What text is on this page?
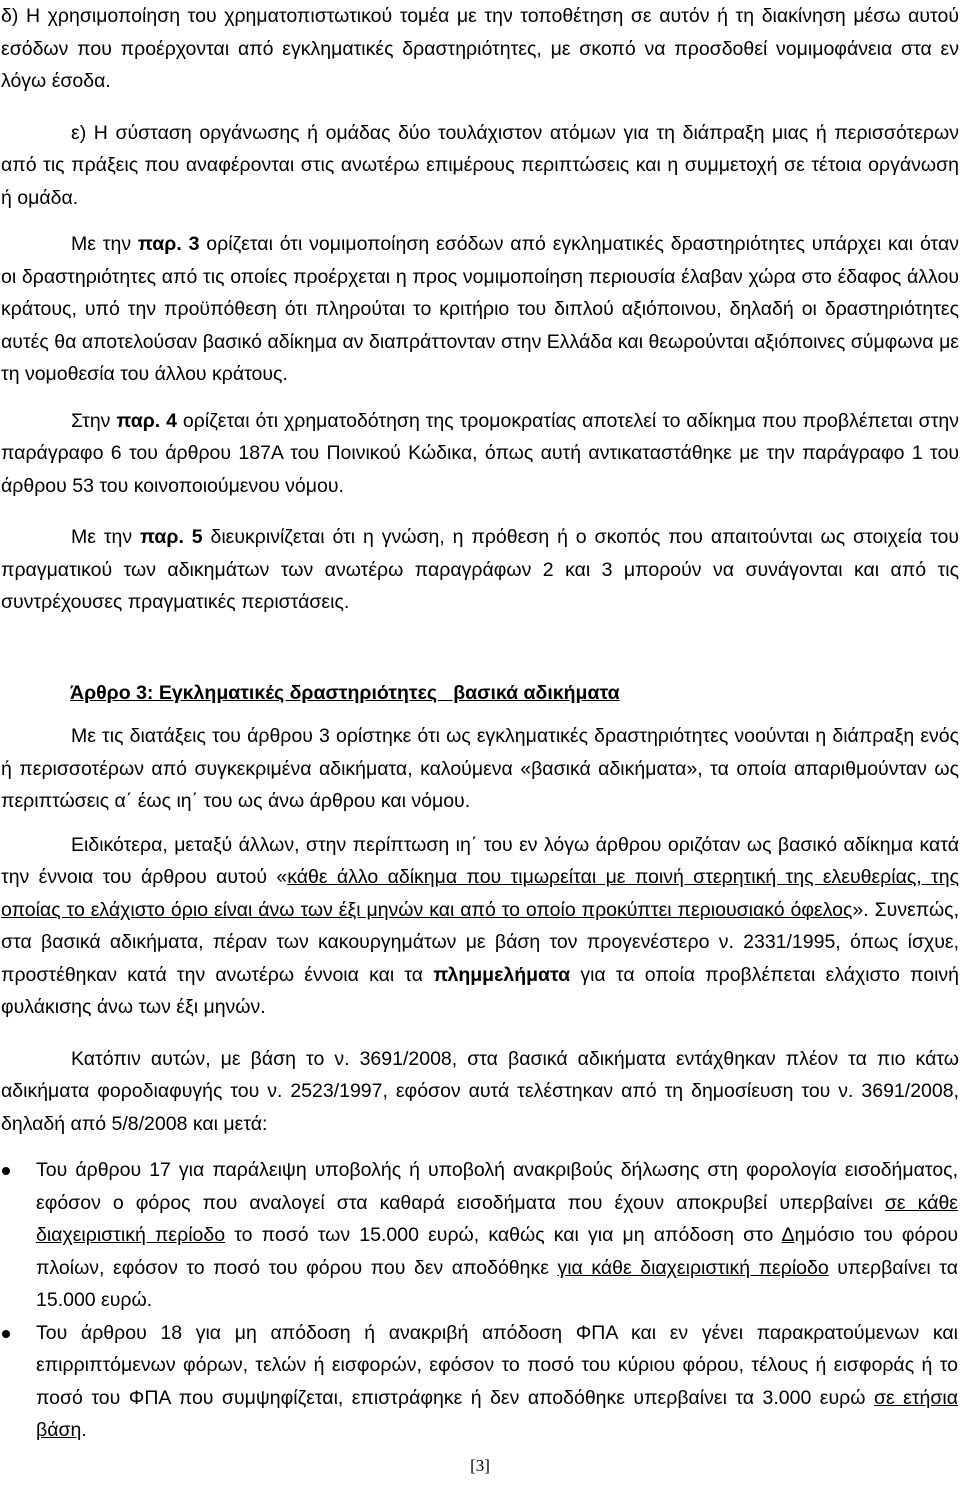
δ) Η χρησιμοποίηση του χρηματοπιστωτικού τομέα με την τοποθέτηση σε αυτόν ή τη διακίνηση μέσω αυτού εσόδων που προέρχονται από εγκληματικές δραστηριότητες, με σκοπό να προσδοθεί νομιμοφάνεια στα εν λόγω έσοδα.

ε) Η σύσταση οργάνωσης ή ομάδας δύο τουλάχιστον ατόμων για τη διάπραξη μιας ή περισσότερων από τις πράξεις που αναφέρονται στις ανωτέρω επιμέρους περιπτώσεις και η συμμετοχή σε τέτοια οργάνωση ή ομάδα.

Με την παρ. 3 ορίζεται ότι νομιμοποίηση εσόδων από εγκληματικές δραστηριότητες υπάρχει και όταν οι δραστηριότητες από τις οποίες προέρχεται η προς νομιμοποίηση περιουσία έλαβαν χώρα στο έδαφος άλλου κράτους, υπό την προϋπόθεση ότι πληρούται το κριτήριο του διπλού αξιόποινου, δηλαδή οι δραστηριότητες αυτές θα αποτελούσαν βασικό αδίκημα αν διαπράττονταν στην Ελλάδα και θεωρούνται αξιόποινες σύμφωνα με τη νομοθεσία του άλλου κράτους.

Στην παρ. 4 ορίζεται ότι χρηματοδότηση της τρομοκρατίας αποτελεί το αδίκημα που προβλέπεται στην παράγραφο 6 του άρθρου 187Α του Ποινικού Κώδικα, όπως αυτή αντικαταστάθηκε με την παράγραφο 1 του άρθρου 53 του κοινοποιούμενου νόμου.

Με την παρ. 5 διευκρινίζεται ότι η γνώση, η πρόθεση ή ο σκοπός που απαιτούνται ως στοιχεία του πραγματικού των αδικημάτων των ανωτέρω παραγράφων 2 και 3 μπορούν να συνάγονται και από τις συντρέχουσες πραγματικές περιστάσεις.

Άρθρο 3: Εγκληματικές δραστηριότητες   βασικά αδικήματα

Με τις διατάξεις του άρθρου 3 ορίστηκε ότι ως εγκληματικές δραστηριότητες νοούνται η διάπραξη ενός ή περισσοτέρων από συγκεκριμένα αδικήματα, καλούμενα «βασικά αδικήματα», τα οποία απαριθμούνταν ως περιπτώσεις α΄ έως ιη΄ του ως άνω άρθρου και νόμου.

Ειδικότερα, μεταξύ άλλων, στην περίπτωση ιη΄ του εν λόγω άρθρου οριζόταν ως βασικό αδίκημα κατά την έννοια του άρθρου αυτού «κάθε άλλο αδίκημα που τιμωρείται με ποινή στερητική της ελευθερίας, της οποίας το ελάχιστο όριο είναι άνω των έξι μηνών και από το οποίο προκύπτει περιουσιακό όφελος». Συνεπώς, στα βασικά αδικήματα, πέραν των κακουργημάτων με βάση τον προγενέστερο ν. 2331/1995, όπως ίσχυε, προστέθηκαν κατά την ανωτέρω έννοια και τα πλημμελήματα για τα οποία προβλέπεται ελάχιστο ποινή φυλάκισης άνω των έξι μηνών.

Κατόπιν αυτών, με βάση το ν. 3691/2008, στα βασικά αδικήματα εντάχθηκαν πλέον τα πιο κάτω αδικήματα φοροδιαφυγής του ν. 2523/1997, εφόσον αυτά τελέστηκαν από τη δημοσίευση του ν. 3691/2008, δηλαδή από 5/8/2008 και μετά:

Του άρθρου 17 για παράλειψη υποβολής ή υποβολή ανακριβούς δήλωσης στη φορολογία εισοδήματος, εφόσον ο φόρος που αναλογεί στα καθαρά εισοδήματα που έχουν αποκρυβεί υπερβαίνει σε κάθε διαχειριστική περίοδο το ποσό των 15.000 ευρώ, καθώς και για μη απόδοση στο Δημόσιο του φόρου πλοίων, εφόσον το ποσό του φόρου που δεν αποδόθηκε για κάθε διαχειριστική περίοδο υπερβαίνει τα 15.000 ευρώ.
Του άρθρου 18 για μη απόδοση ή ανακριβή απόδοση ΦΠΑ και εν γένει παρακρατούμενων και επιρριπτόμενων φόρων, τελών ή εισφορών, εφόσον το ποσό του κύριου φόρου, τέλους ή εισφοράς ή το ποσό του ΦΠΑ που συμψηφίζεται, επιστράφηκε ή δεν αποδόθηκε υπερβαίνει τα 3.000 ευρώ σε ετήσια βάση.
[3]
